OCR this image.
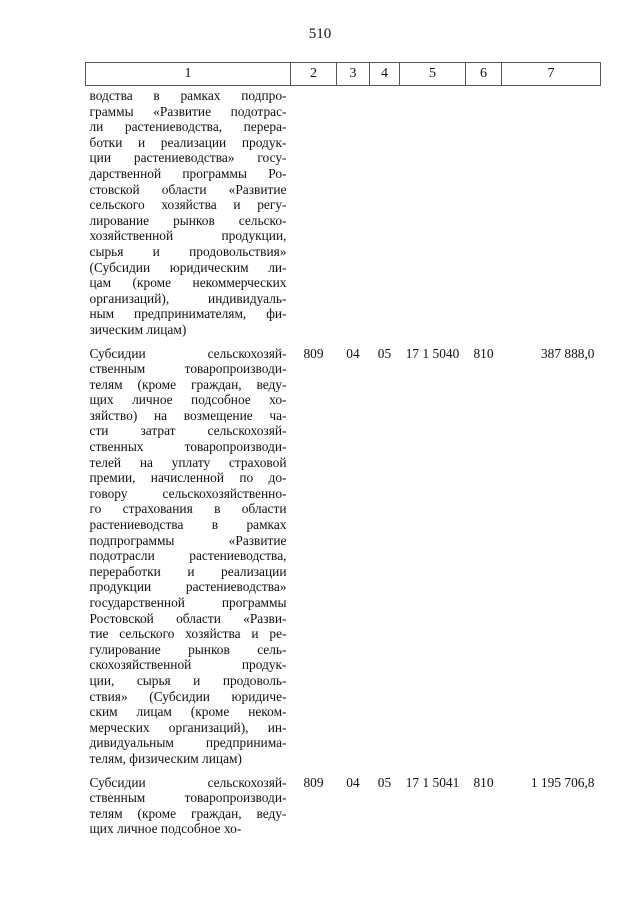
510
1	2	3	4	5	6	7

водства в рамках подпро-
граммы «Развитие подотрас-
ли растениеводства, перера-
ботки и реализации продук-
ции растениеводства» госу-
дарственной программы Ро-
стовской области «Развитие
сельского хозяйства и регу-
лирование рынков сельско-
хозяйственной продукции,
сырья и продовольствия»
(Субсидии юридическим ли-
цам (кроме некоммерческих
организаций), индивидуаль-
ным предпринимателям, фи-
зическим лицам)

Субсидии сельскохозяй-
ственным товаропроизводи-
телям (кроме граждан, веду-
щих личное подсобное хо-
зяйство) на возмещение ча-
сти затрат сельскохозяй-
ственных товаропроизводи-
телей на уплату страховой
премии, начисленной по до-
говору сельскохозяйственно-
го страхования в области
растениеводства в рамках
подпрограммы «Развитие
подотрасли растениеводства,
переработки и реализации
продукции растениеводства»
государственной программы
Ростовской области «Разви-
тие сельского хозяйства и ре-
гулирование рынков сель-
скохозяйственной продук-
ции, сырья и продоволь-
ствия» (Субсидии юридиче-
ским лицам (кроме неком-
мерческих организаций), ин-
дивидуальным предпринима-
телям, физическим лицам)
	809	04	05	17 1 5040	810	387 888,0

Субсидии сельскохозяй-
ственным товаропроизводи-
телям (кроме граждан, веду-
щих личное подсобное хо-	809	04	05	17 1 5041	810	1 195 706,8
